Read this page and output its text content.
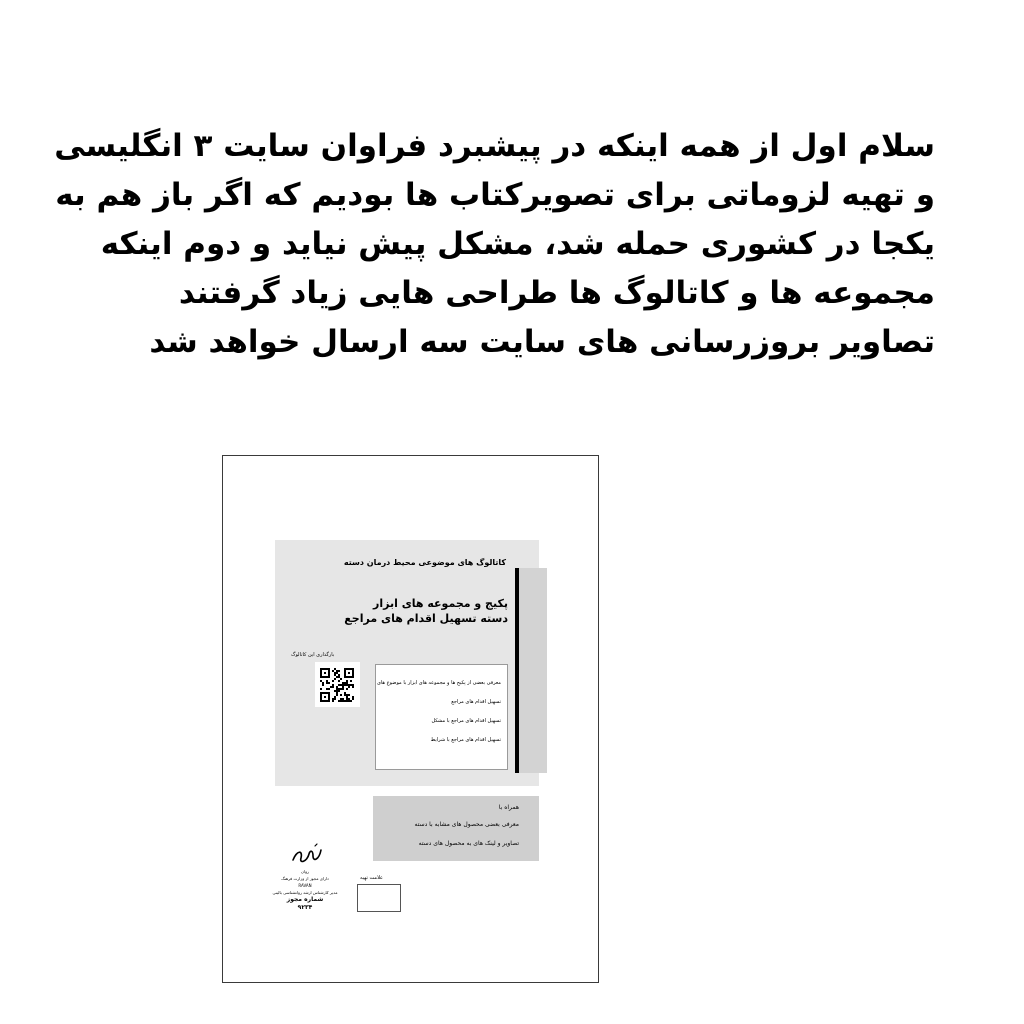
سلام اول از همه اینکه در پیشبرد فراوان سایت ۳ انگلیسی
و تهیه لزوماتی برای تصویرکتاب ها بودیم که اگر باز هم به
یکجا در کشوری حمله شد، مشکل پیش نیاید و دوم اینکه
مجموعه ها و کاتالوگ ها طراحی هایی زیاد گرفتند
تصاویر بروزرسانی های سایت سه ارسال خواهد شد
کاتالوگ های موضوعی محیط درمان دسته
پکیج و مجموعه های ابزار
دسته تسهیل اقدام های مراجع
بارگذاری این کاتالوگ
معرفی بعضی از پکیج ها و مجموعه های ابزار با موضوع های
تسهیل اقدام های مراجع
تسهیل اقدام های مراجع با مشکل
تسهیل اقدام های مراجع با شرایط
همراه با
معرفی بعضی محصول های مشابه با دسته
تصاویر و لینک های به محصول های دسته
روان
دارای مجوز از وزارت فرهنگ
RAVAN
مدیر کارشناس ارشد روانشناسی بالینی
شماره مجوز
۹۲۳۴
علامت تهیه
